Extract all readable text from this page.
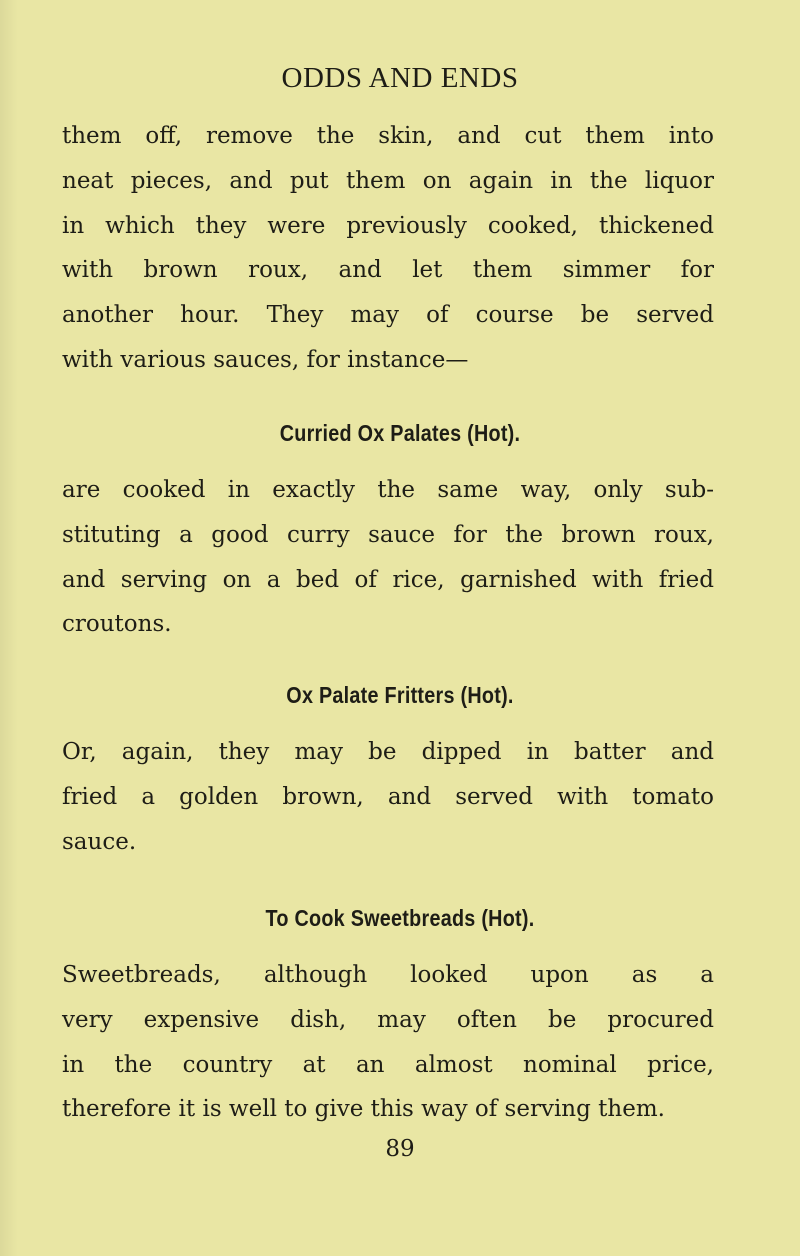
ODDS AND ENDS
them off, remove the skin, and cut them into
neat pieces, and put them on again in the liquor
in which they were previously cooked, thickened
with brown roux, and let them simmer for
another hour. They may of course be served
with various sauces, for instance—
Curried Ox Palates (Hot).
are cooked in exactly the same way, only sub-
stituting a good curry sauce for the brown roux,
and serving on a bed of rice, garnished with fried
croutons.
Ox Palate Fritters (Hot).
Or, again, they may be dipped in batter and
fried a golden brown, and served with tomato
sauce.
To Cook Sweetbreads (Hot).
Sweetbreads, although looked upon as a
very expensive dish, may often be procured
in the country at an almost nominal price,
therefore it is well to give this way of serving them.
89
